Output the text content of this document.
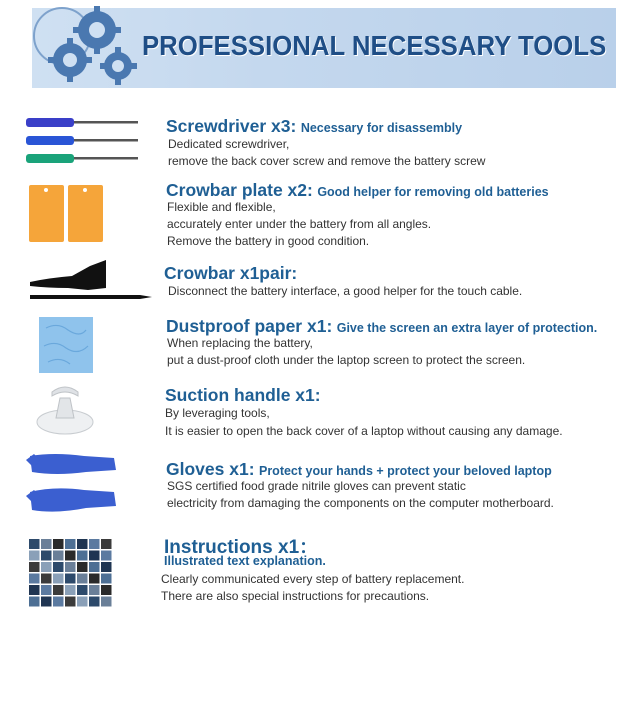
PROFESSIONAL NECESSARY TOOLS
Screwdriver x3: Necessary for disassembly
Dedicated screwdriver,
remove the back cover screw and remove the battery screw
Crowbar plate x2: Good helper for removing old batteries
Flexible and flexible,
accurately enter under the battery from all angles.
Remove the battery in good condition.
Crowbar x1pair:
Disconnect the battery interface, a good helper for the touch cable.
Dustproof paper x1: Give the screen an extra layer of protection.
When replacing the battery,
put a dust-proof cloth under the laptop screen to protect the screen.
Suction handle x1:
By leveraging tools,
It is easier to open the back cover of a laptop without causing any damage.
Gloves x1: Protect your hands + protect your beloved laptop
SGS certified food grade nitrile gloves can prevent static
electricity from damaging the components on the computer motherboard.
Instructions x1：
Illustrated text explanation.
Clearly communicated every step of battery replacement.
There are also special instructions for precautions.
